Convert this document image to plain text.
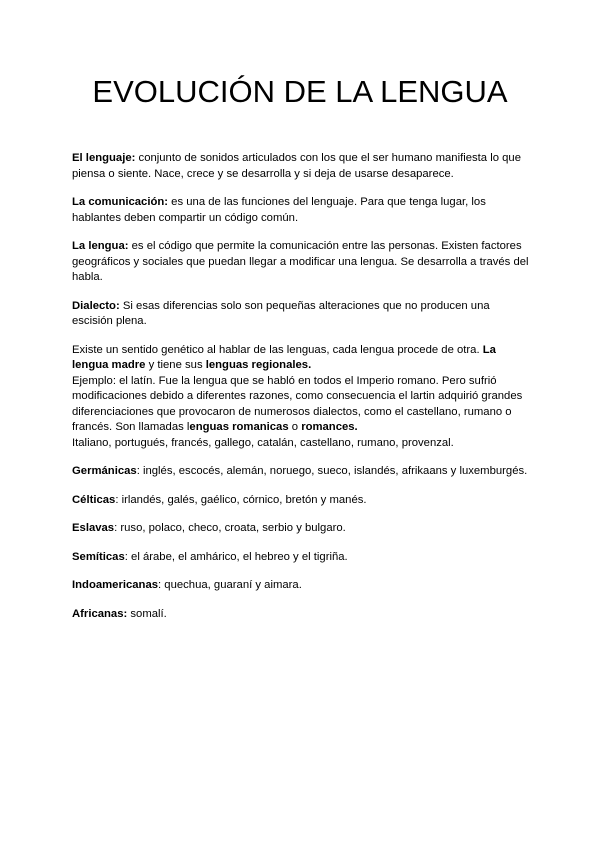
EVOLUCIÓN DE LA LENGUA

El lenguaje: conjunto de sonidos articulados con los que el ser humano manifiesta lo que piensa o siente. Nace, crece y se desarrolla y si deja de usarse desaparece.

La comunicación: es una de las funciones del lenguaje. Para que tenga lugar, los hablantes deben compartir un código común.

La lengua: es el código que permite la comunicación entre las personas. Existen factores geográficos y sociales que puedan llegar a modificar una lengua. Se desarrolla a través del habla.

Dialecto: Si esas diferencias solo son pequeñas alteraciones que no producen una escisión plena.

Existe un sentido genético al hablar de las lenguas, cada lengua procede de otra. La lengua madre y tiene sus lenguas regionales.
Ejemplo: el latín. Fue la lengua que se habló en todos el Imperio romano. Pero sufrió modificaciones debido a diferentes razones, como consecuencia el lartin adquirió grandes diferenciaciones que provocaron de numerosos dialectos, como el castellano, rumano o francés. Son llamadas lenguas romanicas o romances.
Italiano, portugués, francés, gallego, catalán, castellano, rumano, provenzal.

Germánicas: inglés, escocés, alemán, noruego, sueco, islandés, afrikaans y luxemburgés.

Célticas: irlandés, galés, gaélico, córnico, bretón y manés.

Eslavas: ruso, polaco, checo, croata, serbio y bulgaro.

Semíticas: el árabe, el amhárico, el hebreo y el tigriña.

Indoamericanas: quechua, guaraní y aimara.

Africanas: somalí.
